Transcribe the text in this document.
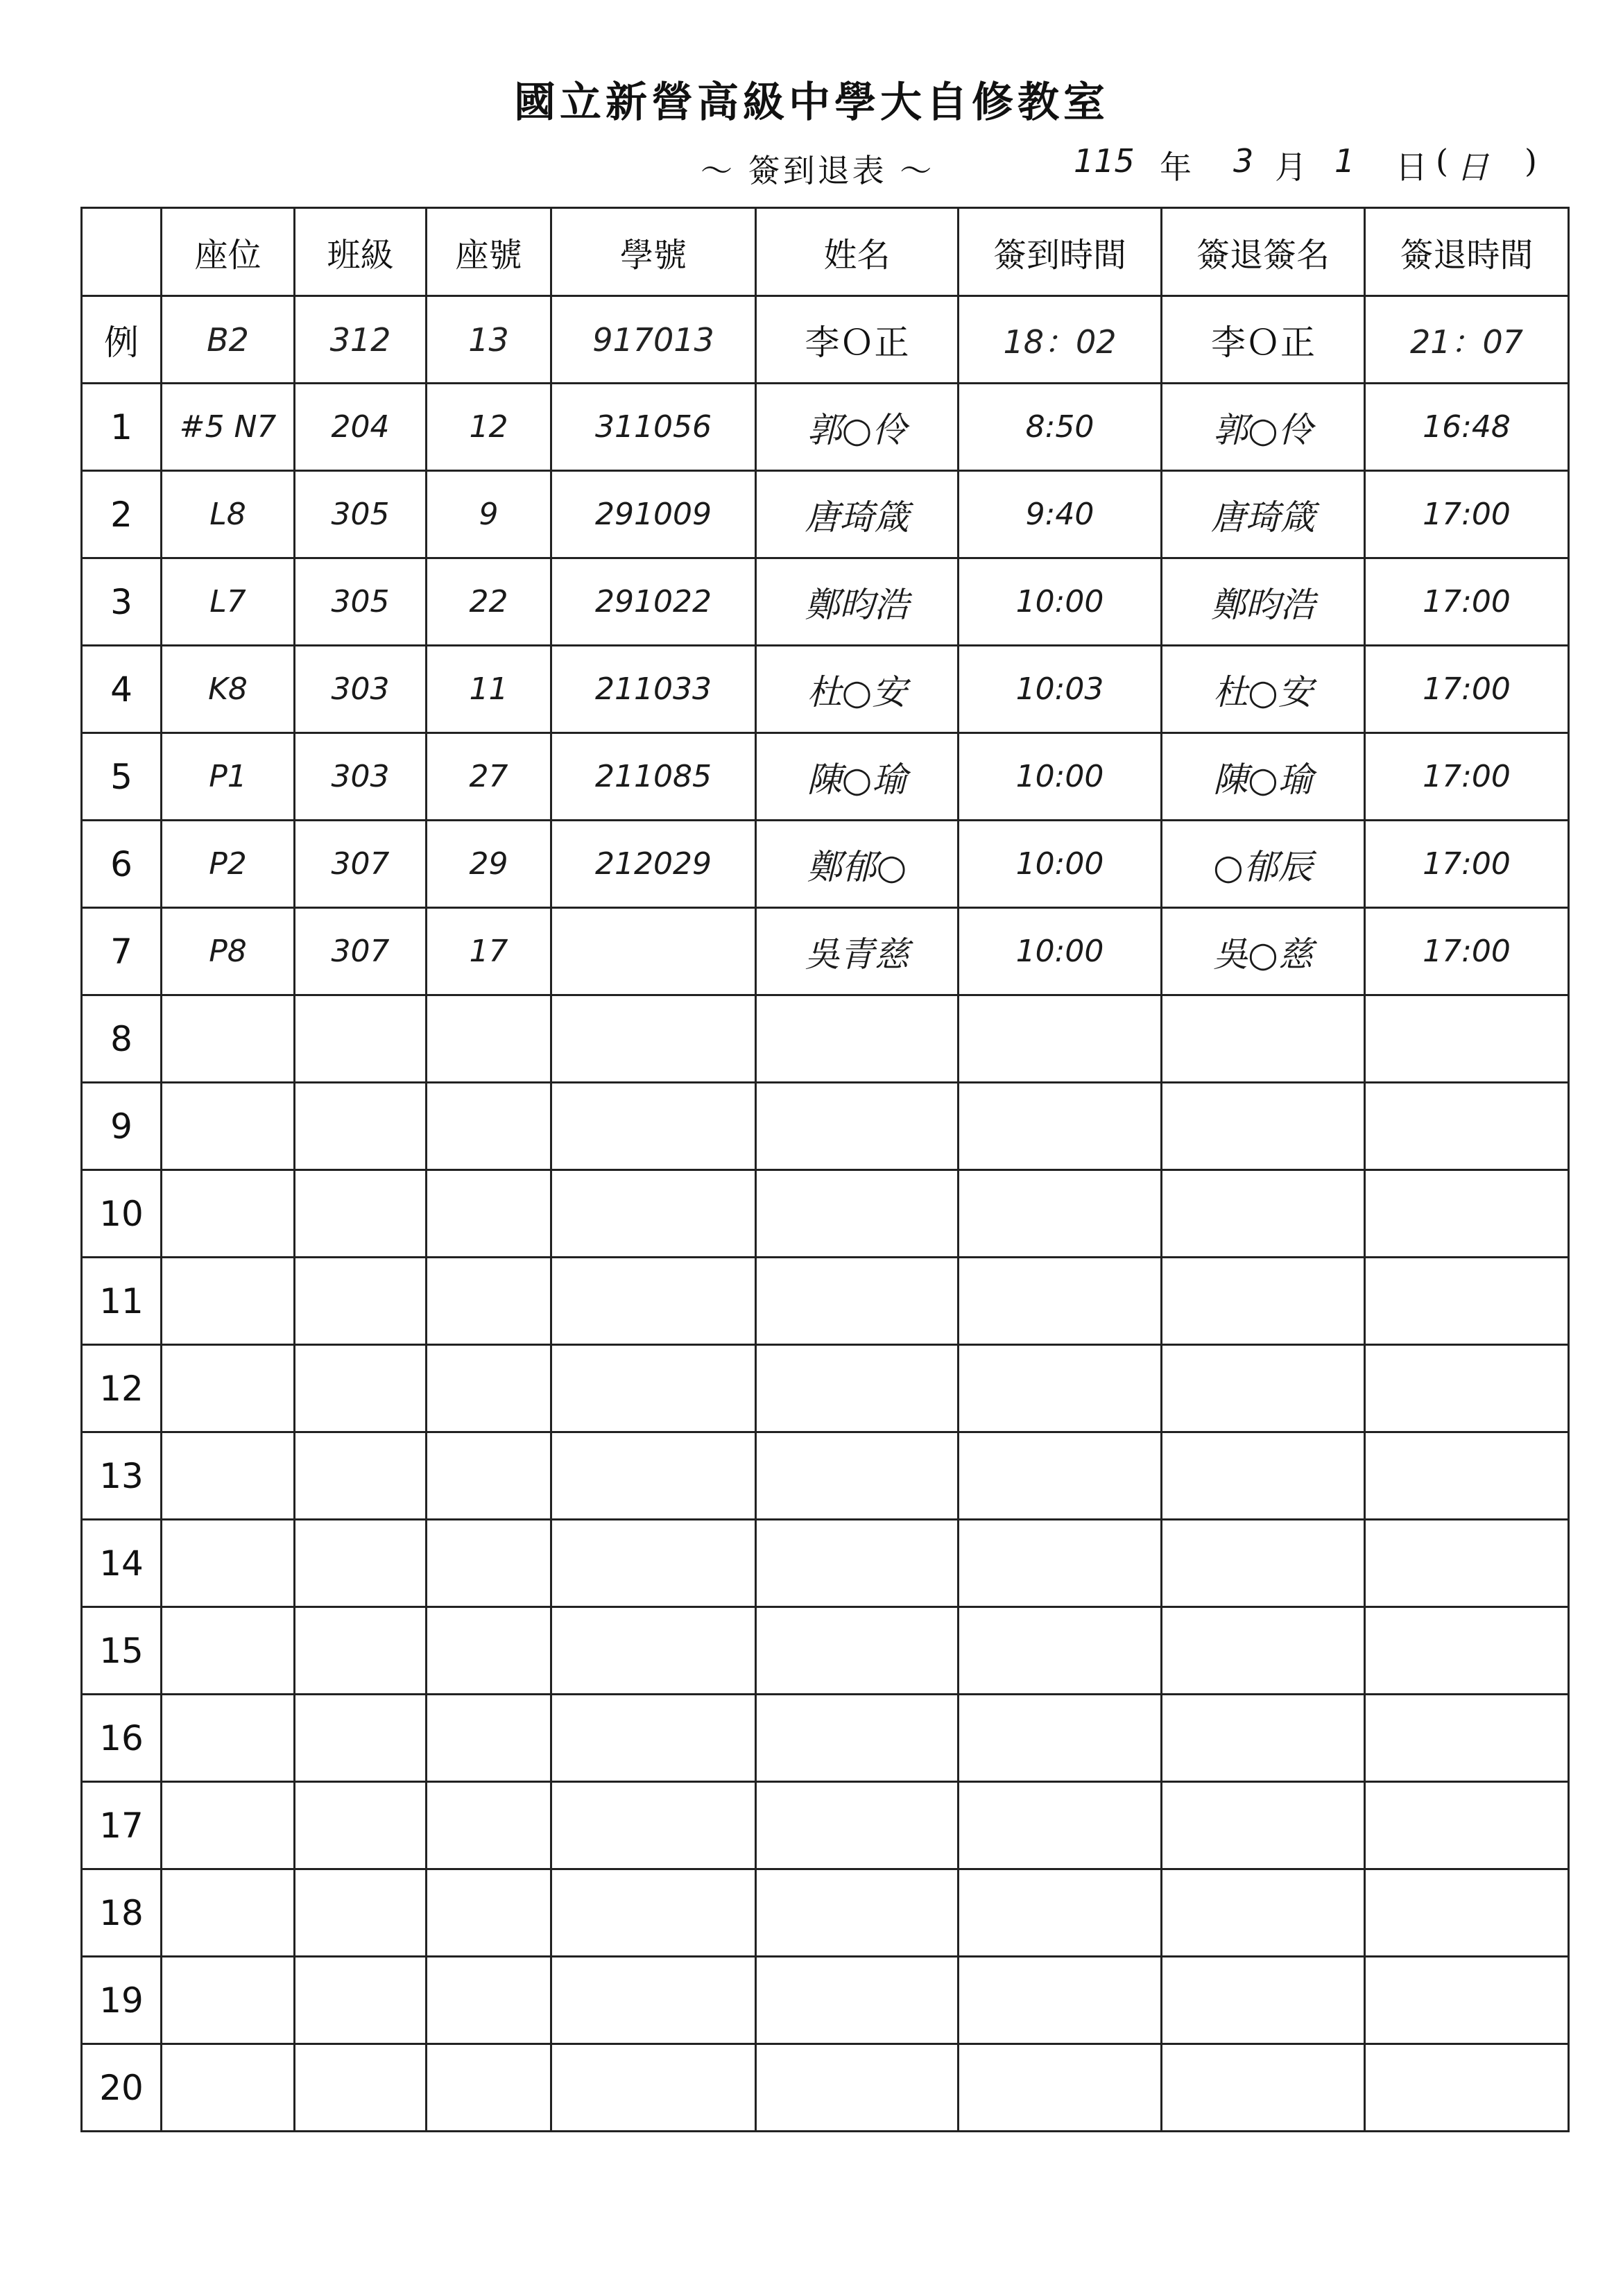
國立新營高級中學大自修教室
～ 簽到退表 ～	115 年 3 月 1 日 ( 日 )
	座位	班級	座號	學號	姓名	簽到時間	簽退簽名	簽退時間
例	B2	312	13	917013	李Ｏ正	18：02	李Ｏ正	21：07
1	#5 N7	204	12	311056	郭○伶	8:50	郭○伶	16:48
2	L8	305	9	291009	唐琦箴	9:40	唐琦箴	17:00
3	L7	305	22	291022	鄭昀浩	10:00	鄭昀浩	17:00
4	K8	303	11	211033	杜○安	10:03	杜○安	17:00
5	P1	303	27	211085	陳○瑜	10:00	陳○瑜	17:00
6	P2	307	29	212029	鄭郁○	10:00	○郁辰	17:00
7	P8	307	17		吳青慈	10:00	吳○慈	17:00
8								
9								
10								
11								
12								
13								
14								
15								
16								
17								
18								
19								
20								
